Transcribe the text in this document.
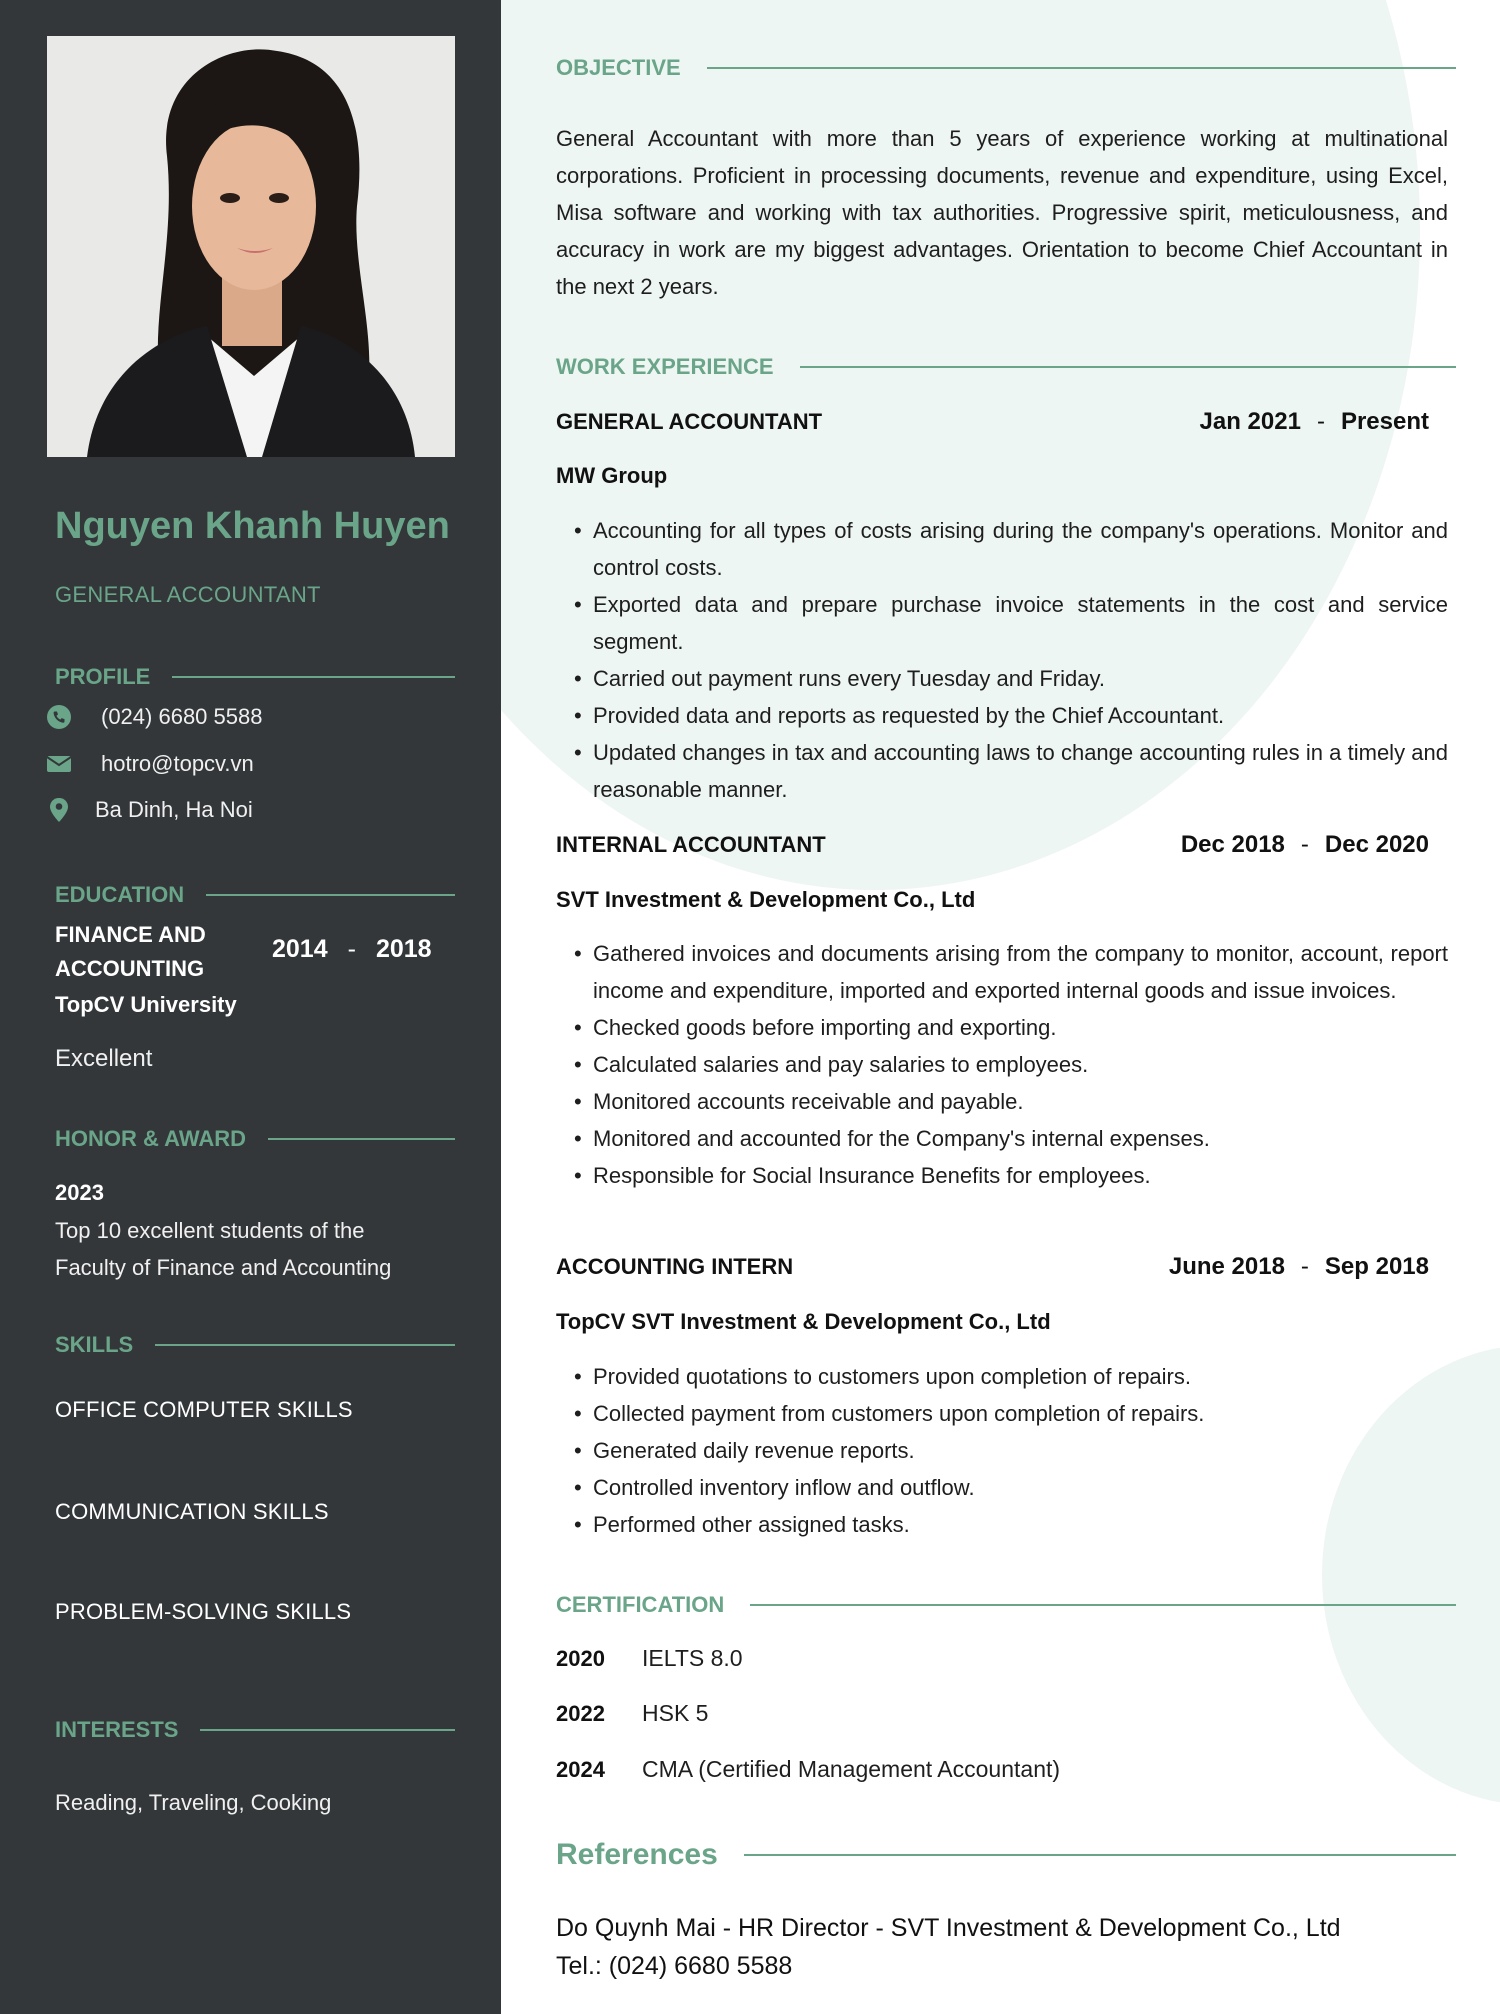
Nguyen Khanh Huyen
GENERAL ACCOUNTANT
PROFILE
(024) 6680 5588
hotro@topcv.vn
Ba Dinh, Ha Noi
EDUCATION
FINANCE AND ACCOUNTING
2014 - 2018
TopCV University
Excellent
HONOR & AWARD
2023
Top 10 excellent students of the Faculty of Finance and Accounting
SKILLS
OFFICE COMPUTER SKILLS
COMMUNICATION SKILLS
PROBLEM-SOLVING SKILLS
INTERESTS
Reading, Traveling, Cooking
OBJECTIVE

General Accountant with more than 5 years of experience working at multinational corporations. Proficient in processing documents, revenue and expenditure, using Excel, Misa software and working with tax authorities. Progressive spirit, meticulousness, and accuracy in work are my biggest advantages. Orientation to become Chief Accountant in the next 2 years.

WORK EXPERIENCE
GENERAL ACCOUNTANT	Jan 2021 - Present
MW Group
• Accounting for all types of costs arising during the company's operations. Monitor and control costs.
• Exported data and prepare purchase invoice statements in the cost and service segment.
• Carried out payment runs every Tuesday and Friday.
• Provided data and reports as requested by the Chief Accountant.
• Updated changes in tax and accounting laws to change accounting rules in a timely and reasonable manner.
INTERNAL ACCOUNTANT	Dec 2018 - Dec 2020
SVT Investment & Development Co., Ltd
• Gathered invoices and documents arising from the company to monitor, account, report income and expenditure, imported and exported internal goods and issue invoices.
• Checked goods before importing and exporting.
• Calculated salaries and pay salaries to employees.
• Monitored accounts receivable and payable.
• Monitored and accounted for the Company's internal expenses.
• Responsible for Social Insurance Benefits for employees.
ACCOUNTING INTERN	June 2018 - Sep 2018
TopCV SVT Investment & Development Co., Ltd
• Provided quotations to customers upon completion of repairs.
• Collected payment from customers upon completion of repairs.
• Generated daily revenue reports.
• Controlled inventory inflow and outflow.
• Performed other assigned tasks.
CERTIFICATION
2020	IELTS 8.0
2022	HSK 5
2024	CMA (Certified Management Accountant)
References
Do Quynh Mai - HR Director - SVT Investment & Development Co., Ltd
Tel.: (024) 6680 5588
